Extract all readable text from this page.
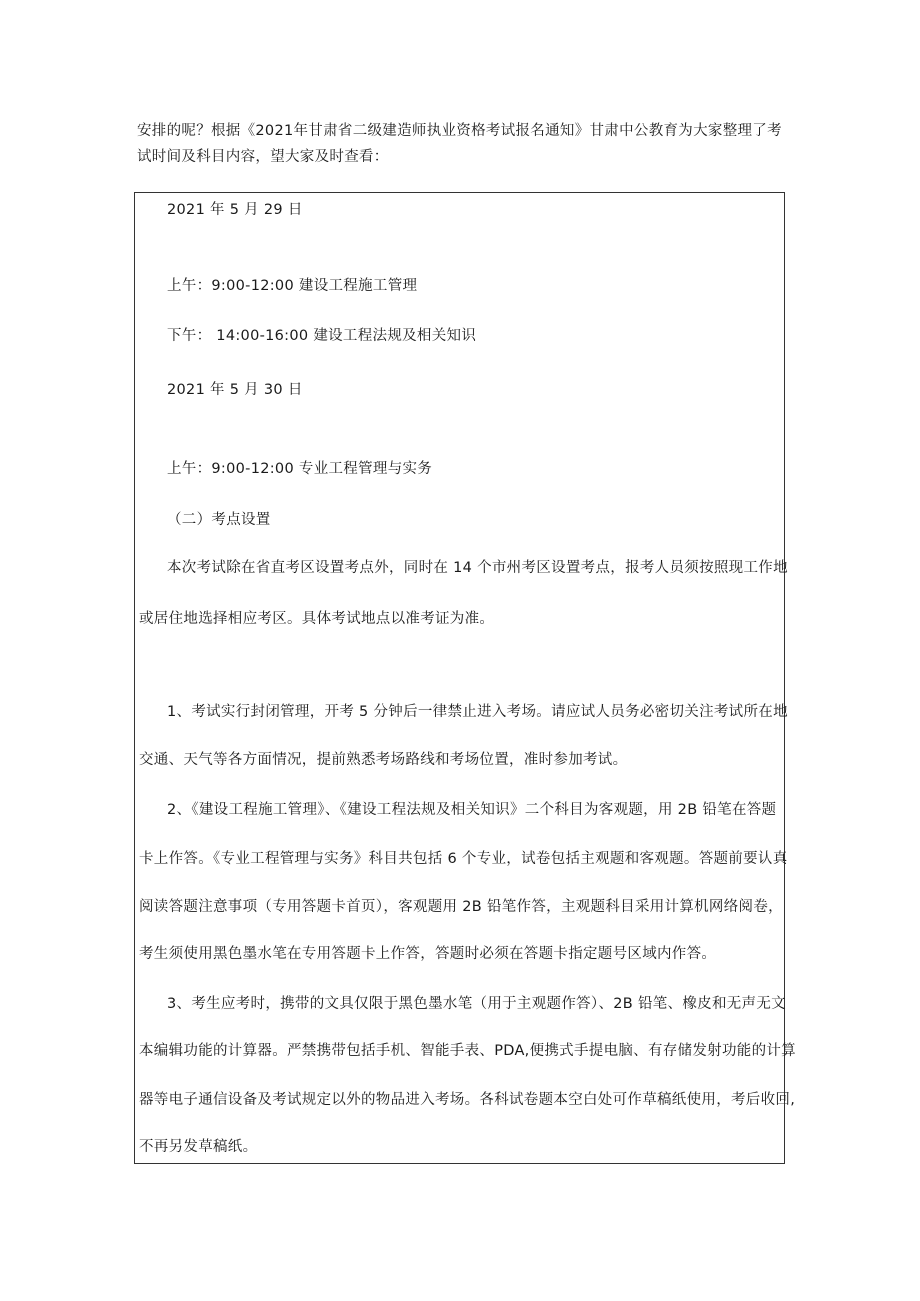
安排的呢？根据《2021年甘肃省二级建造师执业资格考试报名通知》甘肃中公教育为大家整理了考试时间及科目内容，望大家及时查看：
2021 年 5 月 29 日
上午：9:00-12:00 建设工程施工管理
下午： 14:00-16:00 建设工程法规及相关知识
2021 年 5 月 30 日
上午：9:00-12:00 专业工程管理与实务
（二）考点设置
本次考试除在省直考区设置考点外，同时在 14 个市州考区设置考点，报考人员须按照现工作地
或居住地选择相应考区。具体考试地点以准考证为准。
1、考试实行封闭管理，开考 5 分钟后一律禁止进入考场。请应试人员务必密切关注考试所在地
交通、天气等各方面情况，提前熟悉考场路线和考场位置，准时参加考试。
2、《建设工程施工管理》、《建设工程法规及相关知识》二个科目为客观题，用 2B 铅笔在答题
卡上作答。《专业工程管理与实务》科目共包括 6 个专业，试卷包括主观题和客观题。答题前要认真
阅读答题注意事项（专用答题卡首页），客观题用 2B 铅笔作答，主观题科目采用计算机网络阅卷，
考生须使用黑色墨水笔在专用答题卡上作答，答题时必须在答题卡指定题号区域内作答。
3、考生应考时，携带的文具仅限于黑色墨水笔（用于主观题作答）、2B 铅笔、橡皮和无声无文
本编辑功能的计算器。严禁携带包括手机、智能手表、PDA,便携式手提电脑、有存储发射功能的计算
器等电子通信设备及考试规定以外的物品进入考场。各科试卷题本空白处可作草稿纸使用，考后收回,
不再另发草稿纸。
